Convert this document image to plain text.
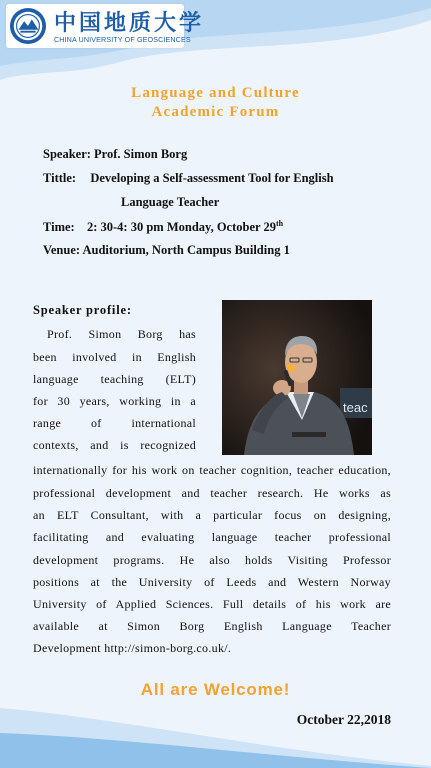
中国地质大学
CHINA UNIVERSITY OF GEOSCIENCES
Language and Culture
Academic Forum
Speaker: Prof. Simon Borg
Tittle: Developing a Self-assessment Tool for English
Language Teacher
Time: 2: 30-4: 30 pm Monday, October 29th
Venue: Auditorium, North Campus Building 1
Speaker profile:
teac
Prof. Simon Borg has
been involved in English
language teaching (ELT)
for 30 years, working in a
range of international
contexts, and is recognized
internationally for his work on teacher cognition, teacher education,
professional development and teacher research. He works as
an ELT Consultant, with a particular focus on designing,
facilitating and evaluating language teacher professional
development programs. He also holds Visiting Professor
positions at the University of Leeds and Western Norway
University of Applied Sciences. Full details of his work are
available at Simon Borg English Language Teacher
Development http://simon-borg.co.uk/.
All are Welcome!
October 22,2018
